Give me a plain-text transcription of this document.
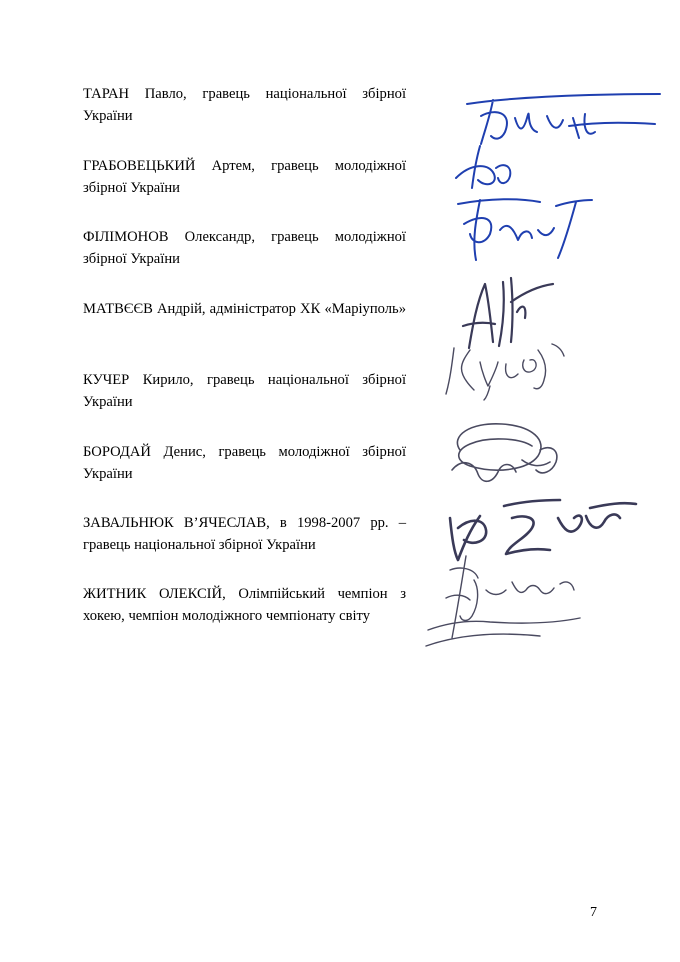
ТАРАН Павло, гравець національної збірної України
ГРАБОВЕЦЬКИЙ Артем, гравець молодіжної збірної України
ФІЛІМОНОВ Олександр, гравець молодіжної збірної України
МАТВЄЄВ Андрій, адміністратор ХК «Маріуполь»
КУЧЕР Кирило, гравець національної збірної України
БОРОДАЙ Денис, гравець молодіжної збірної України
ЗАВАЛЬНЮК В’ЯЧЕСЛАВ, в 1998-2007 рр. – гравець національної збірної України
ЖИТНИК ОЛЕКСІЙ, Олімпійський чемпіон з хокею, чемпіон молодіжного чемпіонату світу
7
